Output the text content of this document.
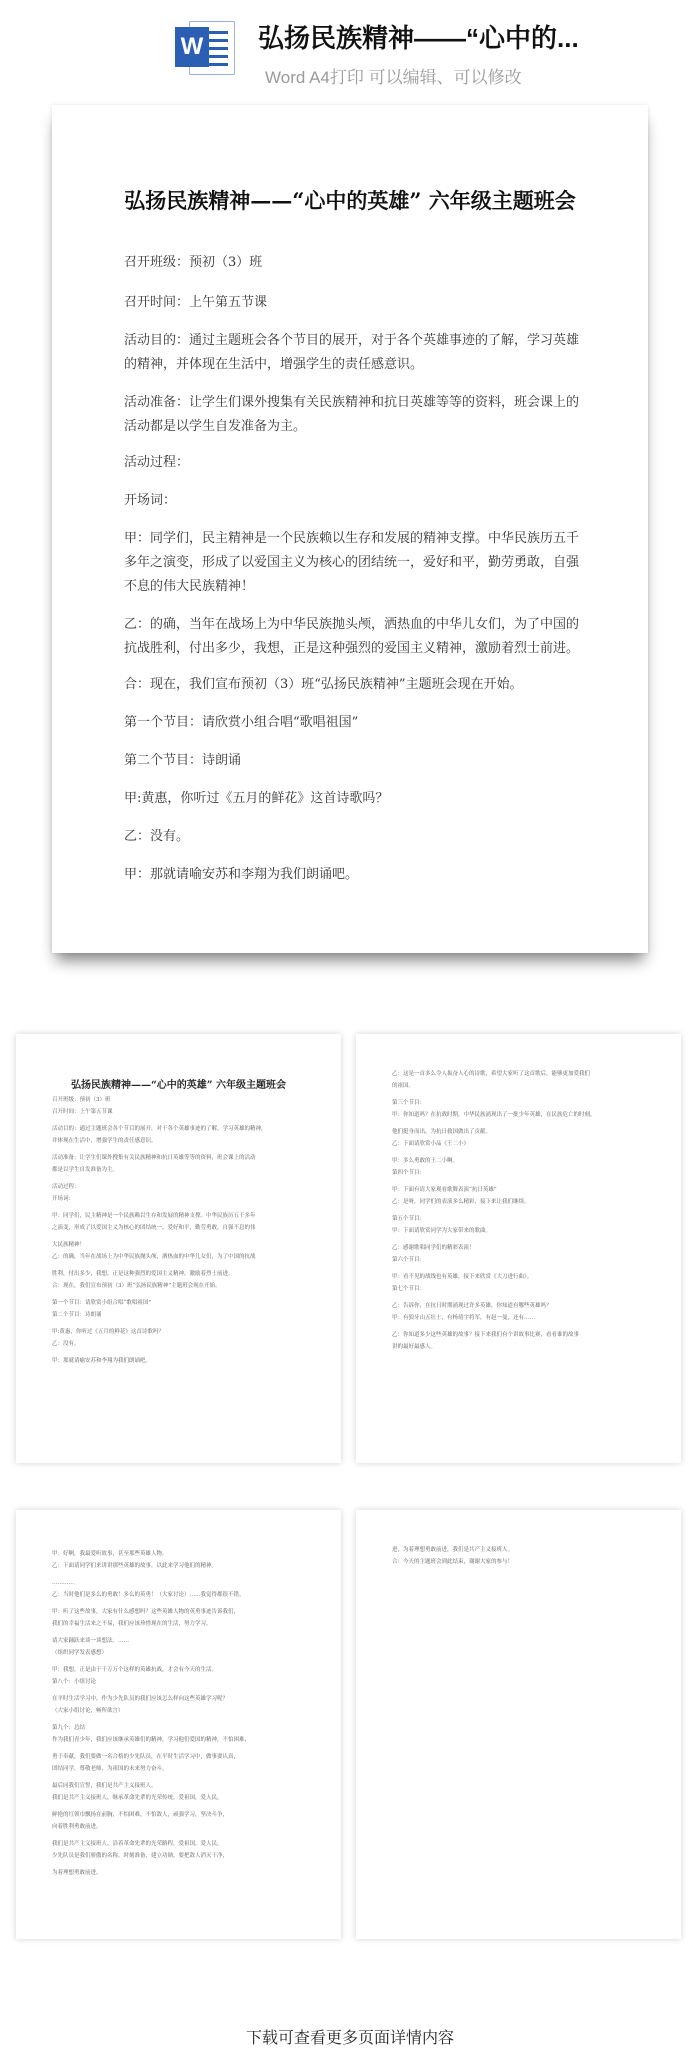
W 弘扬民族精神——“心中的...
Word A4打印 可以编辑、可以修改
弘扬民族精神——“心中的英雄” 六年级主题班会
召开班级：预初（3）班
召开时间：上午第五节课
活动目的：通过主题班会各个节目的展开，对于各个英雄事迹的了解，学习英雄的精神，并体现在生活中，增强学生的责任感意识。
活动准备：让学生们课外搜集有关民族精神和抗日英雄等等的资料，班会课上的活动都是以学生自发准备为主。
活动过程：
开场词：
甲：同学们，民主精神是一个民族赖以生存和发展的精神支撑。中华民族历五千多年之演变，形成了以爱国主义为核心的团结统一，爱好和平，勤劳勇敢，自强不息的伟大民族精神！
乙：的确，当年在战场上为中华民族抛头颅，洒热血的中华儿女们，为了中国的抗战胜利，付出多少，我想，正是这种强烈的爱国主义精神，激励着烈士前进。
合：现在，我们宣布预初（3）班“弘扬民族精神”主题班会现在开始。
第一个节目：请欣赏小组合唱“歌唱祖国”
第二个节目：诗朗诵
甲:黄惠，你听过《五月的鲜花》这首诗歌吗？
乙：没有。
甲：那就请喻安苏和李翔为我们朗诵吧。
弘扬民族精神——“心中的英雄” 六年级主题班会
召开班级：预初（3）班
召开时间：上午第五节课
活动目的：通过主题班会各个节目的展开，对于各个英雄事迹的了解，学习英雄的精神，
并体现在生活中，增强学生的责任感意识。
活动准备：让学生们课外搜集有关民族精神和抗日英雄等等的资料，班会课上的活动
都是以学生自发准备为主。
活动过程：
开场词：
甲：同学们，民主精神是一个民族赖以生存和发展的精神支撑。中华民族历五千多年
之演变，形成了以爱国主义为核心的团结统一，爱好和平，勤劳勇敢，自强不息的伟
大民族精神！
乙：的确，当年在战场上为中华民族抛头颅，洒热血的中华儿女们，为了中国的抗战
胜利，付出多少，我想，正是这种强烈的爱国主义精神，激励着烈士前进。
合：现在，我们宣布预初（3）班“弘扬民族精神”主题班会现在开始。
第一个节目：请欣赏小组合唱“歌唱祖国”
第二个节目：诗朗诵
甲:黄惠，你听过《五月的鲜花》这首诗歌吗？
乙：没有。
甲：那就请喻安苏和李翔为我们朗诵吧。
乙：这是一首多么令人振奋人心的诗歌，希望大家听了这首歌后，能够更加爱我们
的祖国。
第三个节目：
甲：你知道吗？在抗战时期，中华民族涌现出了一批少年英雄，在民族危亡的时刻，
他们挺身而出，为抗日救国做出了贡献。
乙：下面请欣赏小品《王二小》
甲：多么勇敢的王二小啊。
第四个节目：
甲：下面有请大家观看歌舞表演“抗日英雄”
乙：是呀，同学们的表演多么精彩，接下来让我们继续。
第五个节目：
甲：下面请欣赏同学为大家带来的歌曲。
乙：感谢歌唱同学们的精彩表演！
第六个节目：
甲：看不见的战线也有英雄，接下来欣赏《大刀进行曲》。
第七个节目：
乙：告诉你，在抗日时期涌现过许多英雄，你知道有哪些英雄吗？
甲：有狼牙山五壮士，有杨靖宇将军，有赵一曼，还有……
乙：你知道多少这些英雄的故事？接下来我们有个讲故事比赛，看看谁的故事
讲的最好最感人。
甲：好啊，我最爱听故事，甚至那些英雄人物。
乙：下面请同学们来讲讲那些英雄的故事，以此来学习他们的精神。
…………
乙：当时他们是多么的勇敢！多么的英勇！（大家讨论）……我觉得都很不错。
甲：听了这些故事，大家有什么感想吗？这些英雄人物的英勇事迹告诉我们，
我们的幸福生活来之不易，我们应该珍惜现在的生活，努力学习。
请大家踊跃来谈一谈想法。……
（组织同学发表感想）
甲：我想，正是由于千万万个这样的英雄抗战，才会有今天的生活。
第八个：小组讨论
在平时生活学习中，作为少先队员的我们应该怎么样向这些英雄学习呢？
（大家小组讨论，畅所欲言）
第九个：总结
作为我们青少年，我们应该继承英雄们的精神，学习他们爱国的精神，不怕困难，
勇于奉献，我们要做一名合格的少先队员，在平时生活学习中，做事要认真，
团结同学，尊敬老师，为祖国的未来努力奋斗。
最后同我们宣誓，我们是共产主义接班人。
我们是共产主义接班人，继承革命先辈的光荣传统，爱祖国，爱人民，
鲜艳的红领巾飘扬在前胸，不怕困难，不怕敌人，顽强学习，坚决斗争，
向着胜利勇敢前进。
我们是共产主义接班人，沿着革命先辈的光荣路程，爱祖国，爱人民，
少先队员是我们骄傲的名称，时刻准备，建立功勋，要把敌人消灭干净，
为着理想勇敢前进。
进，为着理想勇敢前进，我们是共产主义接班人。
合：今天的主题班会到此结束，谢谢大家的参与！
下载可查看更多页面详情内容
